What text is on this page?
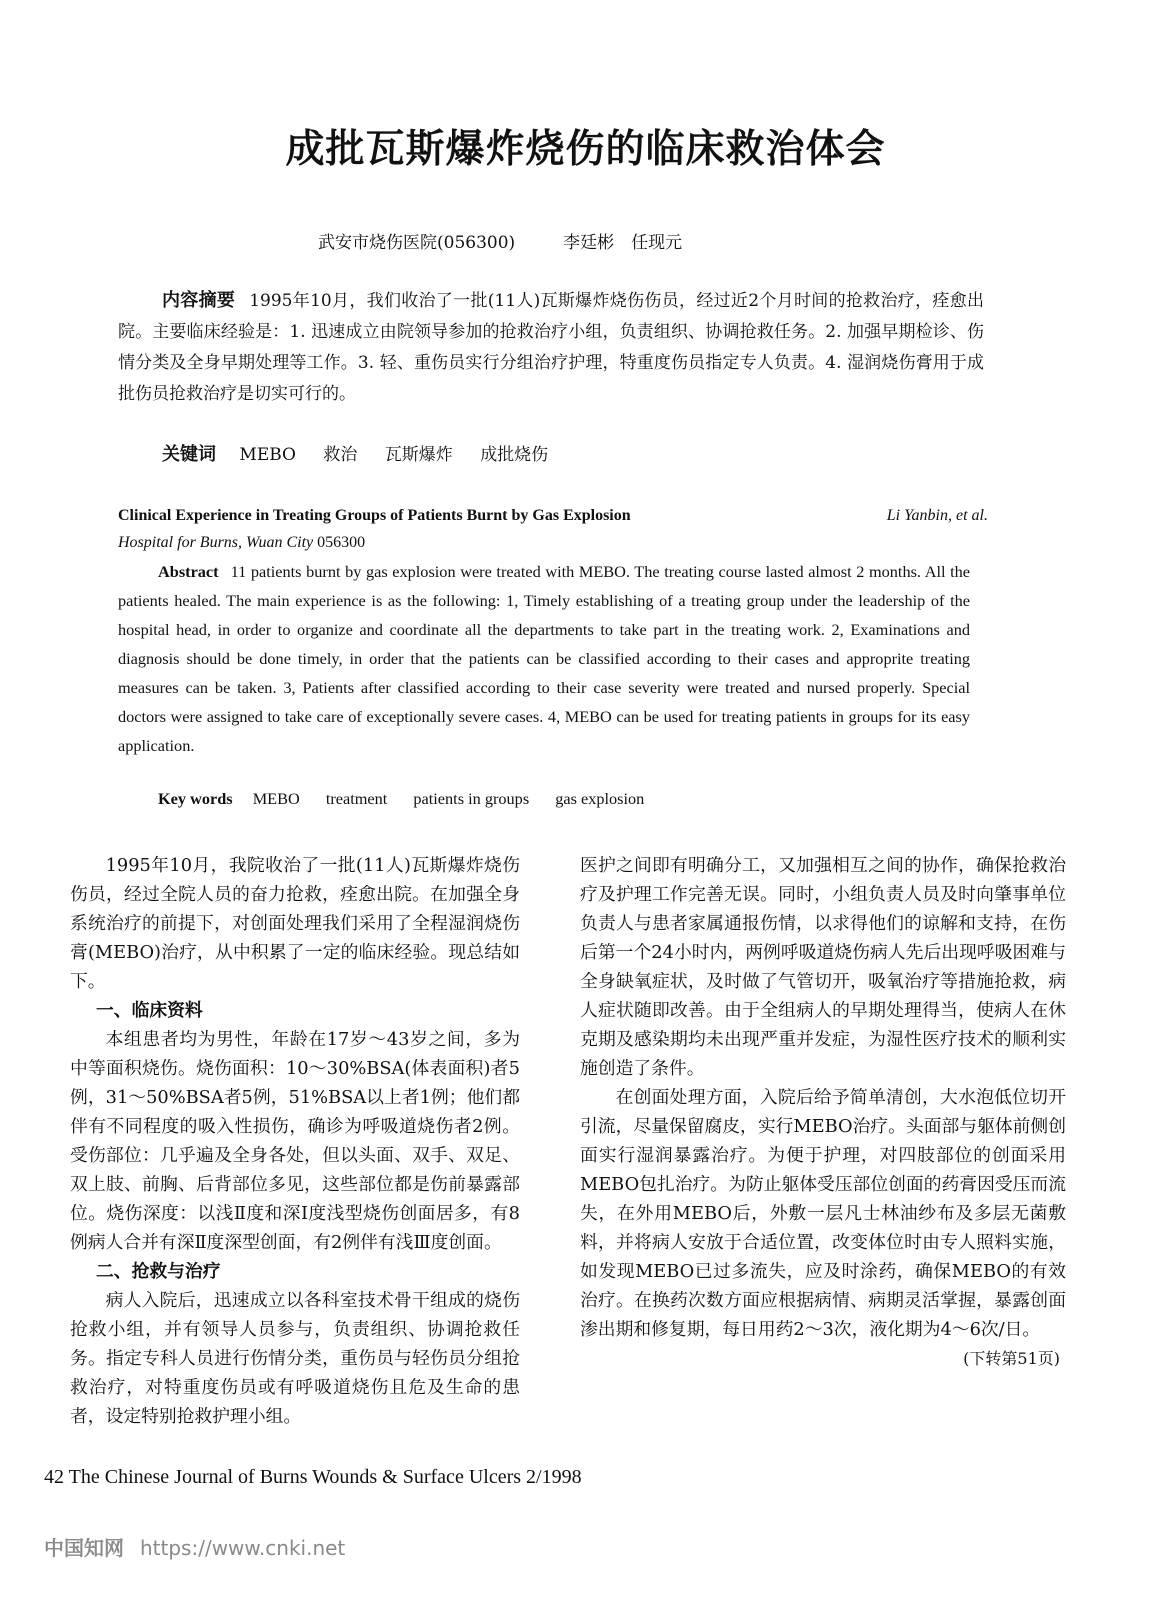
成批瓦斯爆炸烧伤的临床救治体会
武安市烧伤医院(056300)	李廷彬　任现元
内容摘要 1995年10月，我们收治了一批(11人)瓦斯爆炸烧伤伤员，经过近2个月时间的抢救治疗，痊愈出院。主要临床经验是：1. 迅速成立由院领导参加的抢救治疗小组，负责组织、协调抢救任务。2. 加强早期检诊、伤情分类及全身早期处理等工作。3. 轻、重伤员实行分组治疗护理，特重度伤员指定专人负责。4. 湿润烧伤膏用于成批伤员抢救治疗是切实可行的。
关键词 MEBO 救治 瓦斯爆炸 成批烧伤
Li Yanbin, et al.
Clinical Experience in Treating Groups of Patients Burnt by Gas Explosion
Hospital for Burns, Wuan City 056300
Abstract 11 patients burnt by gas explosion were treated with MEBO. The treating course lasted almost 2 months. All the patients healed. The main experience is as the following: 1, Timely establishing of a treating group under the leadership of the hospital head, in order to organize and coordinate all the departments to take part in the treating work. 2, Examinations and diagnosis should be done timely, in order that the patients can be classified according to their cases and approprite treating measures can be taken. 3, Patients after classified according to their case severity were treated and nursed properly. Special doctors were assigned to take care of exceptionally severe cases. 4, MEBO can be used for treating patients in groups for its easy application.
Key words MEBO treatment patients in groups gas explosion

1995年10月，我院收治了一批(11人)瓦斯爆炸烧伤伤员，经过全院人员的奋力抢救，痊愈出院。在加强全身系统治疗的前提下，对创面处理我们采用了全程湿润烧伤膏(MEBO)治疗，从中积累了一定的临床经验。现总结如下。

一、临床资料

本组患者均为男性，年龄在17岁～43岁之间，多为中等面积烧伤。烧伤面积：10～30%BSA(体表面积)者5例，31～50%BSA者5例，51%BSA以上者1例；他们都伴有不同程度的吸入性损伤，确诊为呼吸道烧伤者2例。受伤部位：几乎遍及全身各处，但以头面、双手、双足、双上肢、前胸、后背部位多见，这些部位都是伤前暴露部位。烧伤深度：以浅Ⅱ度和深Ⅰ度浅型烧伤创面居多，有8例病人合并有深Ⅱ度深型创面，有2例伴有浅Ⅲ度创面。

二、抢救与治疗

病人入院后，迅速成立以各科室技术骨干组成的烧伤抢救小组，并有领导人员参与，负责组织、协调抢救任务。指定专科人员进行伤情分类，重伤员与轻伤员分组抢救治疗，对特重度伤员或有呼吸道烧伤且危及生命的患者，设定特别抢救护理小组。

医护之间即有明确分工，又加强相互之间的协作，确保抢救治疗及护理工作完善无误。同时，小组负责人员及时向肇事单位负责人与患者家属通报伤情，以求得他们的谅解和支持，在伤后第一个24小时内，两例呼吸道烧伤病人先后出现呼吸困难与全身缺氧症状，及时做了气管切开，吸氧治疗等措施抢救，病人症状随即改善。由于全组病人的早期处理得当，使病人在休克期及感染期均未出现严重并发症，为湿性医疗技术的顺利实施创造了条件。

在创面处理方面，入院后给予简单清创，大水泡低位切开引流，尽量保留腐皮，实行MEBO治疗。头面部与躯体前侧创面实行湿润暴露治疗。为便于护理，对四肢部位的创面采用MEBO包扎治疗。为防止躯体受压部位创面的药膏因受压而流失，在外用MEBO后，外敷一层凡士林油纱布及多层无菌敷料，并将病人安放于合适位置，改变体位时由专人照料实施，如发现MEBO已过多流失，应及时涂药，确保MEBO的有效治疗。在换药次数方面应根据病情、病期灵活掌握，暴露创面渗出期和修复期，每日用药2～3次，液化期为4～6次/日。

(下转第51页)
42 The Chinese Journal of Burns Wounds & Surface Ulcers 2/1998
中国知网 https://www.cnki.net
